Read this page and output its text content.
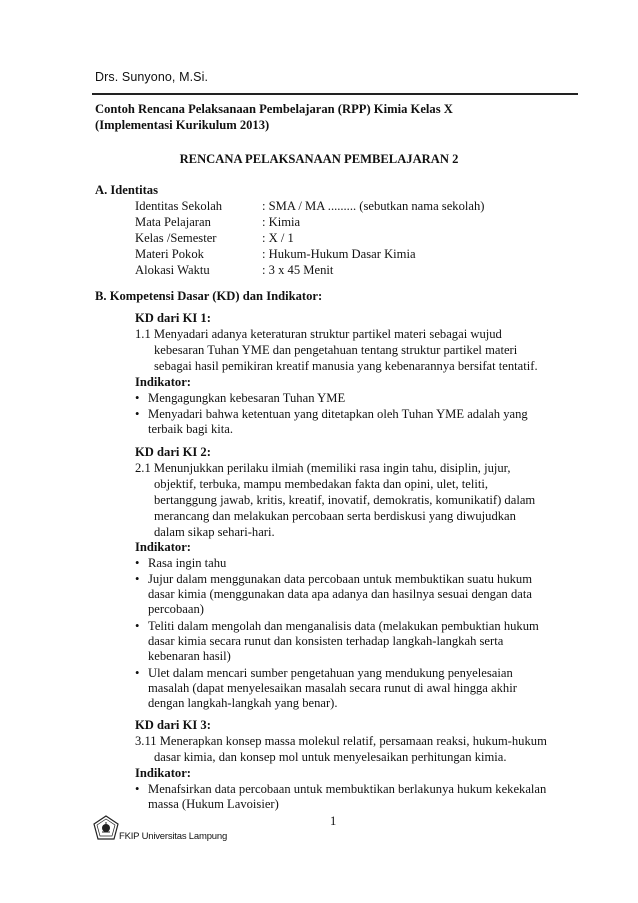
Drs. Sunyono, M.Si.
Contoh Rencana Pelaksanaan Pembelajaran (RPP) Kimia Kelas X
(Implementasi Kurikulum 2013)
RENCANA PELAKSANAAN PEMBELAJARAN 2
A. Identitas
Identitas Sekolah	: SMA / MA ......... (sebutkan nama sekolah)
Mata Pelajaran	: Kimia
Kelas /Semester	: X / 1
Materi Pokok	: Hukum-Hukum Dasar Kimia
Alokasi Waktu	: 3 x 45 Menit
B. Kompetensi Dasar (KD) dan Indikator:
KD dari KI 1:
1.1 Menyadari adanya keteraturan struktur partikel materi sebagai wujud
kebesaran Tuhan YME dan pengetahuan tentang struktur partikel materi
sebagai hasil pemikiran kreatif manusia yang kebenarannya bersifat tentatif.
Indikator:
• Mengagungkan kebesaran Tuhan YME
• Menyadari bahwa ketentuan yang ditetapkan oleh Tuhan YME adalah yang
terbaik bagi kita.
KD dari KI 2:
2.1 Menunjukkan perilaku ilmiah (memiliki rasa ingin tahu, disiplin, jujur,
objektif, terbuka, mampu membedakan fakta dan opini, ulet, teliti,
bertanggung jawab, kritis, kreatif, inovatif, demokratis, komunikatif) dalam
merancang dan melakukan percobaan serta berdiskusi yang diwujudkan
dalam sikap sehari-hari.
Indikator:
• Rasa ingin tahu
• Jujur dalam menggunakan data percobaan untuk membuktikan suatu hukum
dasar kimia (menggunakan data apa adanya dan hasilnya sesuai dengan data
percobaan)
• Teliti dalam mengolah dan menganalisis data (melakukan pembuktian hukum
dasar kimia secara runut dan konsisten terhadap langkah-langkah serta
kebenaran hasil)
• Ulet dalam mencari sumber pengetahuan yang mendukung penyelesaian
masalah (dapat menyelesaikan masalah secara runut di awal hingga akhir
dengan langkah-langkah yang benar).
KD dari KI 3:
3.11 Menerapkan konsep massa molekul relatif, persamaan reaksi, hukum-hukum
dasar kimia, dan konsep mol untuk menyelesaikan perhitungan kimia.
Indikator:
• Menafsirkan data percobaan untuk membuktikan berlakunya hukum kekekalan
massa (Hukum Lavoisier)
1
FKIP Universitas Lampung
